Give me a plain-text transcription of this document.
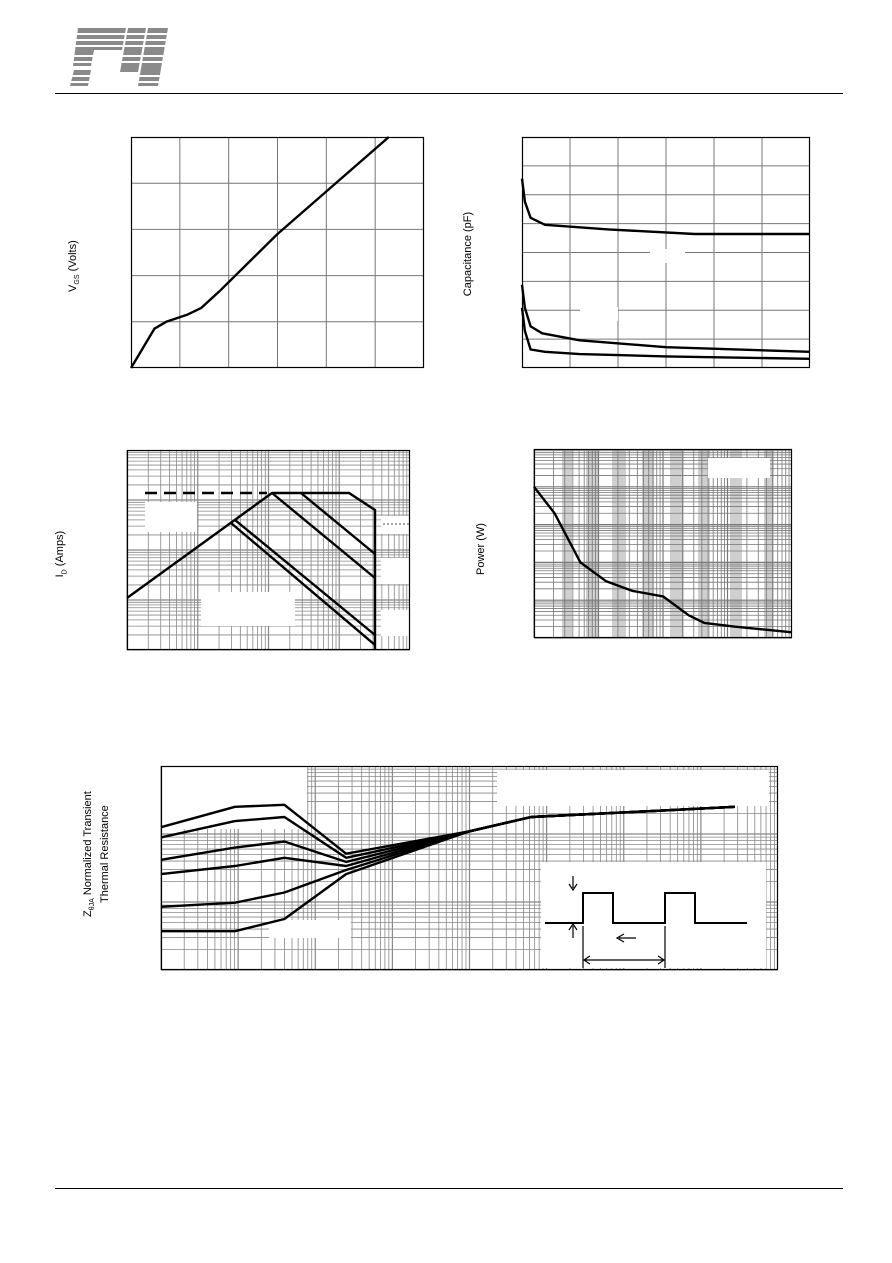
$V_{GS}$ (Volts)	Capacitance (pF)
$I_D$ (Amps)
Power (W)
$Z_{\theta JA}$ Normalized Transient Thermal Resistance
